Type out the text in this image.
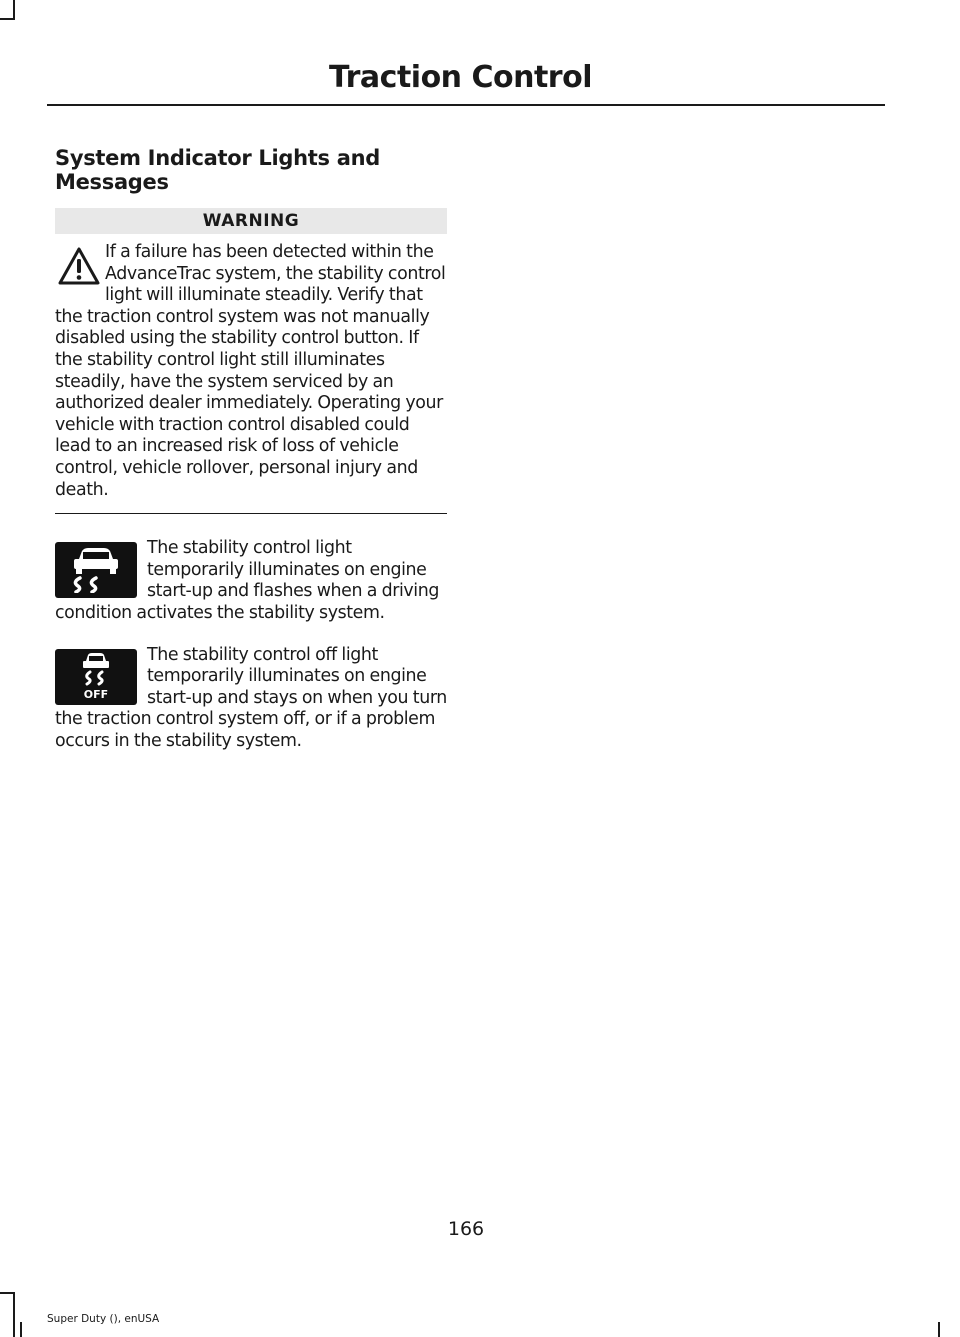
Traction Control
System Indicator Lights and Messages
WARNING

If a failure has been detected within the AdvanceTrac system, the stability control light will illuminate steadily. Verify that the traction control system was not manually disabled using the stability control button. If the stability control light still illuminates steadily, have the system serviced by an authorized dealer immediately. Operating your vehicle with traction control disabled could lead to an increased risk of loss of vehicle control, vehicle rollover, personal injury and death.

The stability control light temporarily illuminates on engine start-up and flashes when a driving condition activates the stability system.

OFF

The stability control off light temporarily illuminates on engine start-up and stays on when you turn the traction control system off, or if a problem occurs in the stability system.

166
Super Duty (), enUSA
